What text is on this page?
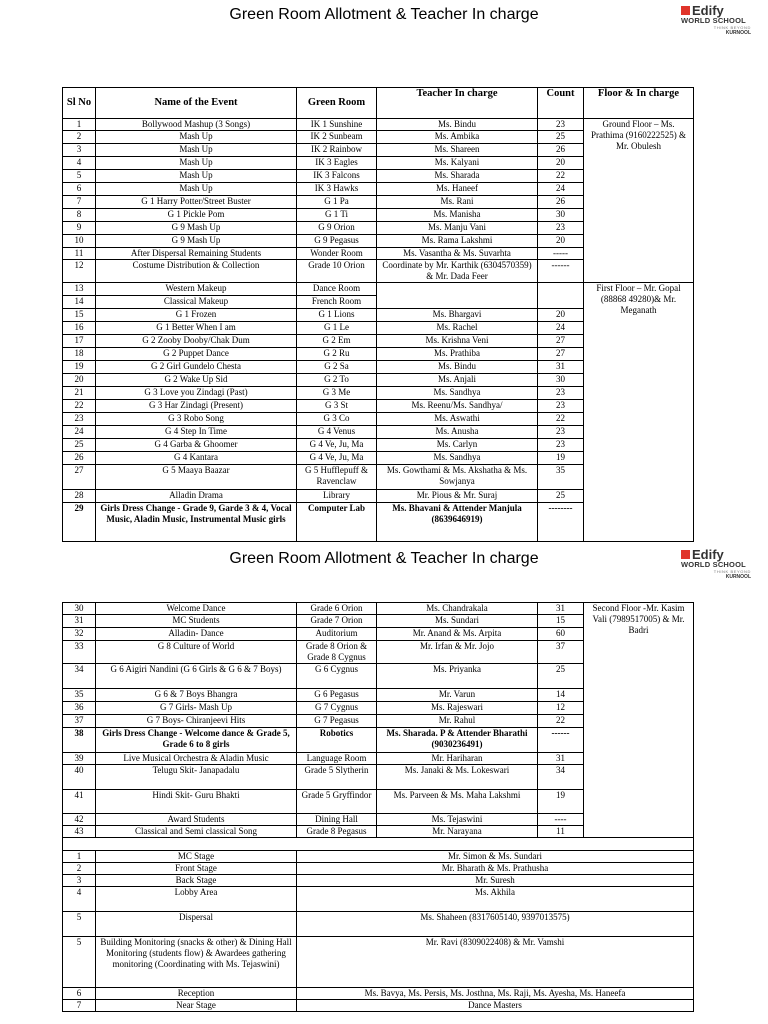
Green Room Allotment & Teacher In charge	Edify
WORLD SCHOOL
THINK BEYOND
KURNOOL
Sl No	Name of the Event	Green Room	Teacher In charge	Count	Floor & In charge
1	Bollywood Mashup (3 Songs)	IK 1 Sunshine	Ms. Bindu	23	Ground Floor – Ms. Prathima (9160222525) & Mr. Obulesh
2	Mash Up	IK 2 Sunbeam	Ms. Ambika	25	
3	Mash Up	IK 2 Rainbow	Ms. Shareen	26	
4	Mash Up	IK 3 Eagles	Ms. Kalyani	20	
5	Mash Up	IK 3 Falcons	Ms. Sharada	22	
6	Mash Up	IK 3 Hawks	Ms. Haneef	24	
7	G 1 Harry Potter/Street Buster	G 1 Pa	Ms. Rani	26	
8	G 1 Pickle Pom	G 1 Ti	Ms. Manisha	30	
9	G 9 Mash Up	G 9 Orion	Ms. Manju Vani	23	
10	G 9 Mash Up	G 9 Pegasus	Ms. Rama Lakshmi	20	
11	After Dispersal Remaining Students	Wonder Room	Ms. Vasantha & Ms. Suvarhta	-----	
12	Costume Distribution & Collection	Grade 10 Orion	Coordinate by Mr. Karthik (6304570359) & Mr. Dada Feer	------	
13	Western Makeup	Dance Room			First Floor – Mr. Gopal (88868 49280)& Mr. Meganath
14	Classical Makeup	French Room			
15	G 1 Frozen	G 1 Lions	Ms. Bhargavi	20	
16	G 1 Better When I am	G 1 Le	Ms. Rachel	24	
17	G 2 Zooby Dooby/Chak Dum	G 2 Em	Ms. Krishna Veni	27	
18	G 2 Puppet Dance	G 2 Ru	Ms. Prathiba	27	
19	G 2 Girl Gundelo Chesta	G 2 Sa	Ms. Bindu	31	
20	G 2 Wake Up Sid	G 2 To	Ms. Anjali	30	
21	G 3 Love you Zindagi (Past)	G 3 Me	Ms. Sandhya	23	
22	G 3 Har Zindagi (Present)	G 3 St	Ms. Reenu/Ms. Sandhya/	23	
23	G 3 Robo Song	G 3 Co	Ms. Aswathi	22	
24	G 4 Step In Time	G 4 Venus	Ms. Anusha	23	
25	G 4 Garba & Ghoomer	G 4 Ve, Ju, Ma	Ms. Carlyn	23	
26	G 4 Kantara	G 4 Ve, Ju, Ma	Ms. Sandhya	19	
27	G 5 Maaya Baazar	G 5 Hufflepuff & Ravenclaw	Ms. Gowthami & Ms. Akshatha & Ms. Sowjanya	35	
28	Alladin Drama	Library	Mr. Pious & Mr. Suraj	25	
29	Girls Dress Change - Grade 9, Garde 3 & 4, Vocal Music, Aladin Music, Instrumental Music girls	Computer Lab	Ms. Bhavani & Attender Manjula (8639646919)	--------	
Green Room Allotment & Teacher In charge	Edify
WORLD SCHOOL
THINK BEYOND
KURNOOL
30	Welcome Dance	Grade 6 Orion	Ms. Chandrakala	31	Second Floor -Mr. Kasim Vali (7989517005) & Mr. Badri
31	MC Students	Grade 7 Orion	Ms. Sundari	15	
32	Alladin- Dance	Auditorium	Mr. Anand & Ms. Arpita	60	
33	G 8 Culture of World	Grade 8 Orion & Grade 8 Cygnus	Mr. Irfan & Mr. Jojo	37	
34	G 6 Aigiri Nandini (G 6 Girls & G 6 & 7 Boys)	G 6 Cygnus	Ms. Priyanka	25	
35	G 6 & 7 Boys Bhangra	G 6 Pegasus	Mr. Varun	14	
36	G 7 Girls- Mash Up	G 7 Cygnus	Ms. Rajeswari	12	
37	G 7 Boys- Chiranjeevi Hits	G 7 Pegasus	Mr. Rahul	22	
38	Girls Dress Change - Welcome dance & Grade 5, Grade 6 to 8 girls	Robotics	Ms. Sharada. P & Attender Bharathi (9030236491)	------	
39	Live Musical Orchestra & Aladin Music	Language Room	Mr. Hariharan	31	
40	Telugu Skit- Janapadalu	Grade 5 Slytherin	Ms. Janaki & Ms. Lokeswari	34	
41	Hindi Skit- Guru Bhakti	Grade 5 Gryffindor	Ms. Parveen & Ms. Maha Lakshmi	19	
42	Award Students	Dining Hall	Ms. Tejaswini	----	
43	Classical and Semi classical Song	Grade 8 Pegasus	Mr. Narayana	11	

1	MC Stage	Mr. Simon & Ms. Sundari			
2	Front Stage	Mr. Bharath & Ms. Prathusha			
3	Back Stage	Mr. Suresh			
4	Lobby Area	Ms. Akhila			
5	Dispersal	Ms. Shaheen (8317605140, 9397013575)			
5	Building Monitoring (snacks & other) & Dining Hall Monitoring (students flow) & Awardees gathering monitoring (Coordinating with Ms. Tejaswini)	Mr. Ravi (8309022408) & Mr. Vamshi			
6	Reception	Ms. Bavya, Ms. Persis, Ms. Josthna, Ms. Raji, Ms. Ayesha, Ms. Haneefa			
7	Near Stage	Dance Masters			
